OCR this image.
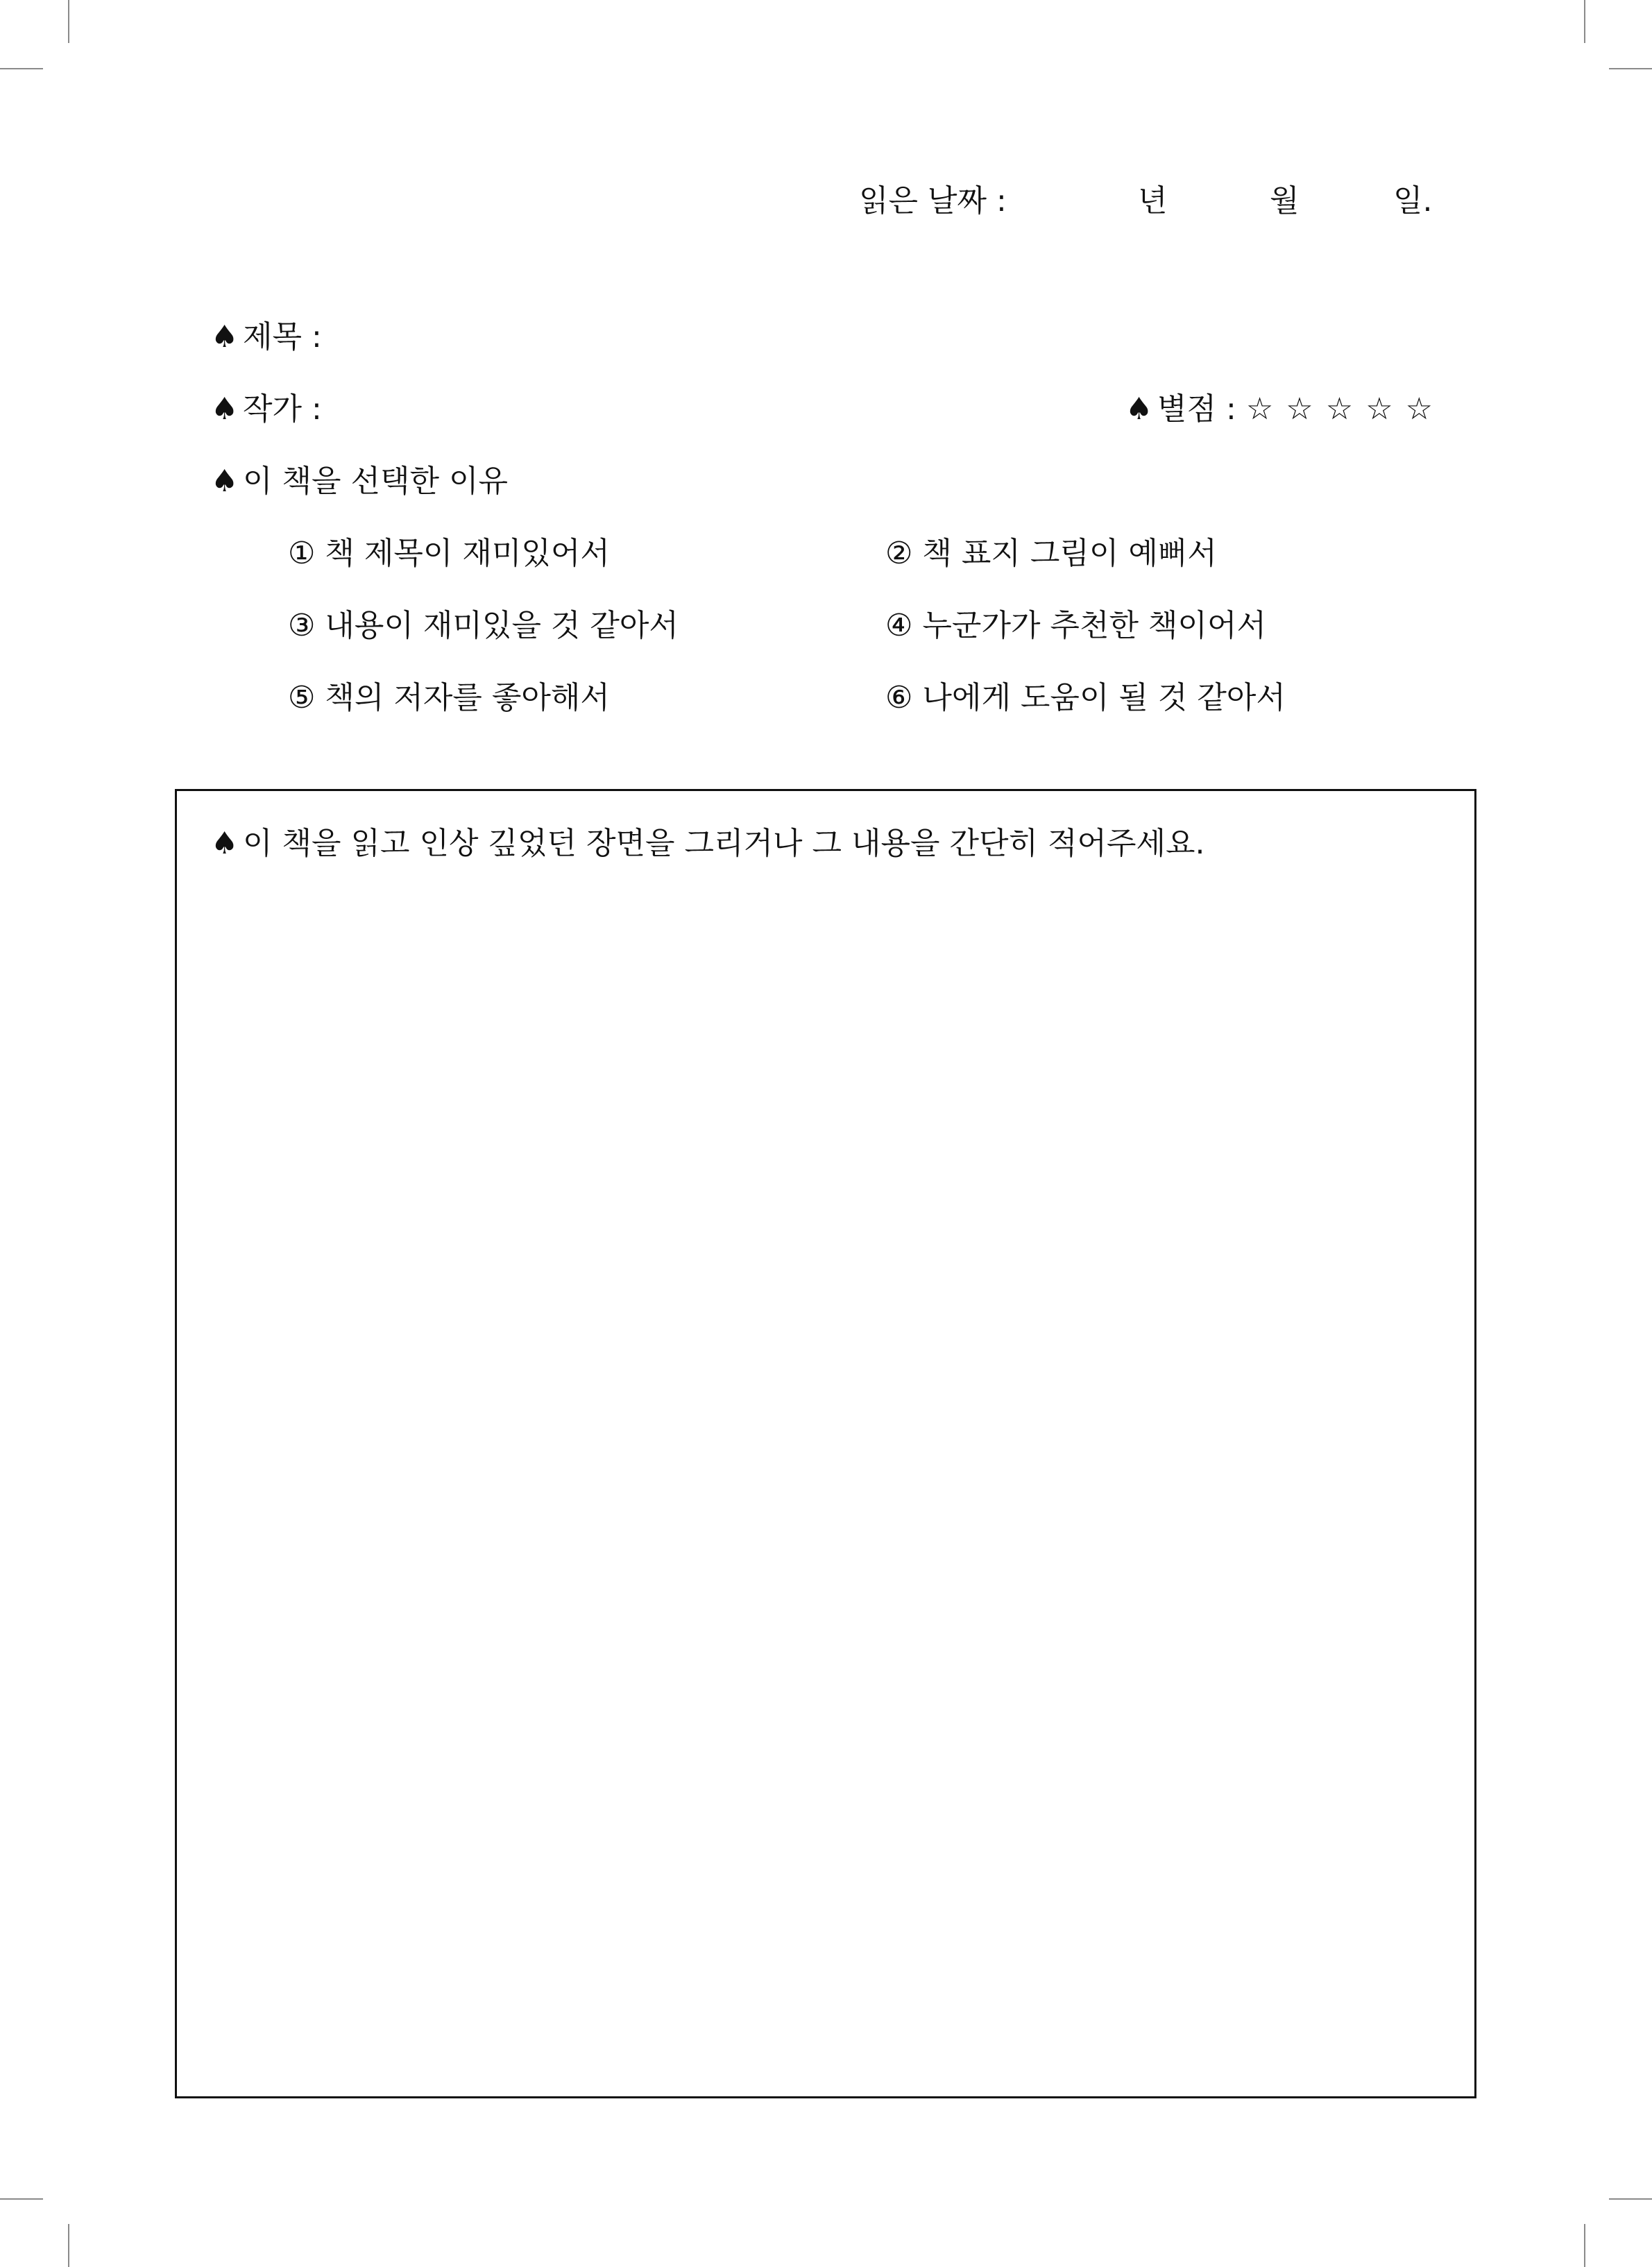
읽은 날짜 :	년	월	일.
♠ 제목 :
♠ 작가 :	♠ 별점 : ☆ ☆ ☆ ☆ ☆
♠ 이 책을 선택한 이유
① 책 제목이 재미있어서	② 책 표지 그림이 예뻐서
③ 내용이 재미있을 것 같아서	④ 누군가가 추천한 책이어서
⑤ 책의 저자를 좋아해서	⑥ 나에게 도움이 될 것 같아서
♠ 이 책을 읽고 인상 깊었던 장면을 그리거나 그 내용을 간단히 적어주세요.
